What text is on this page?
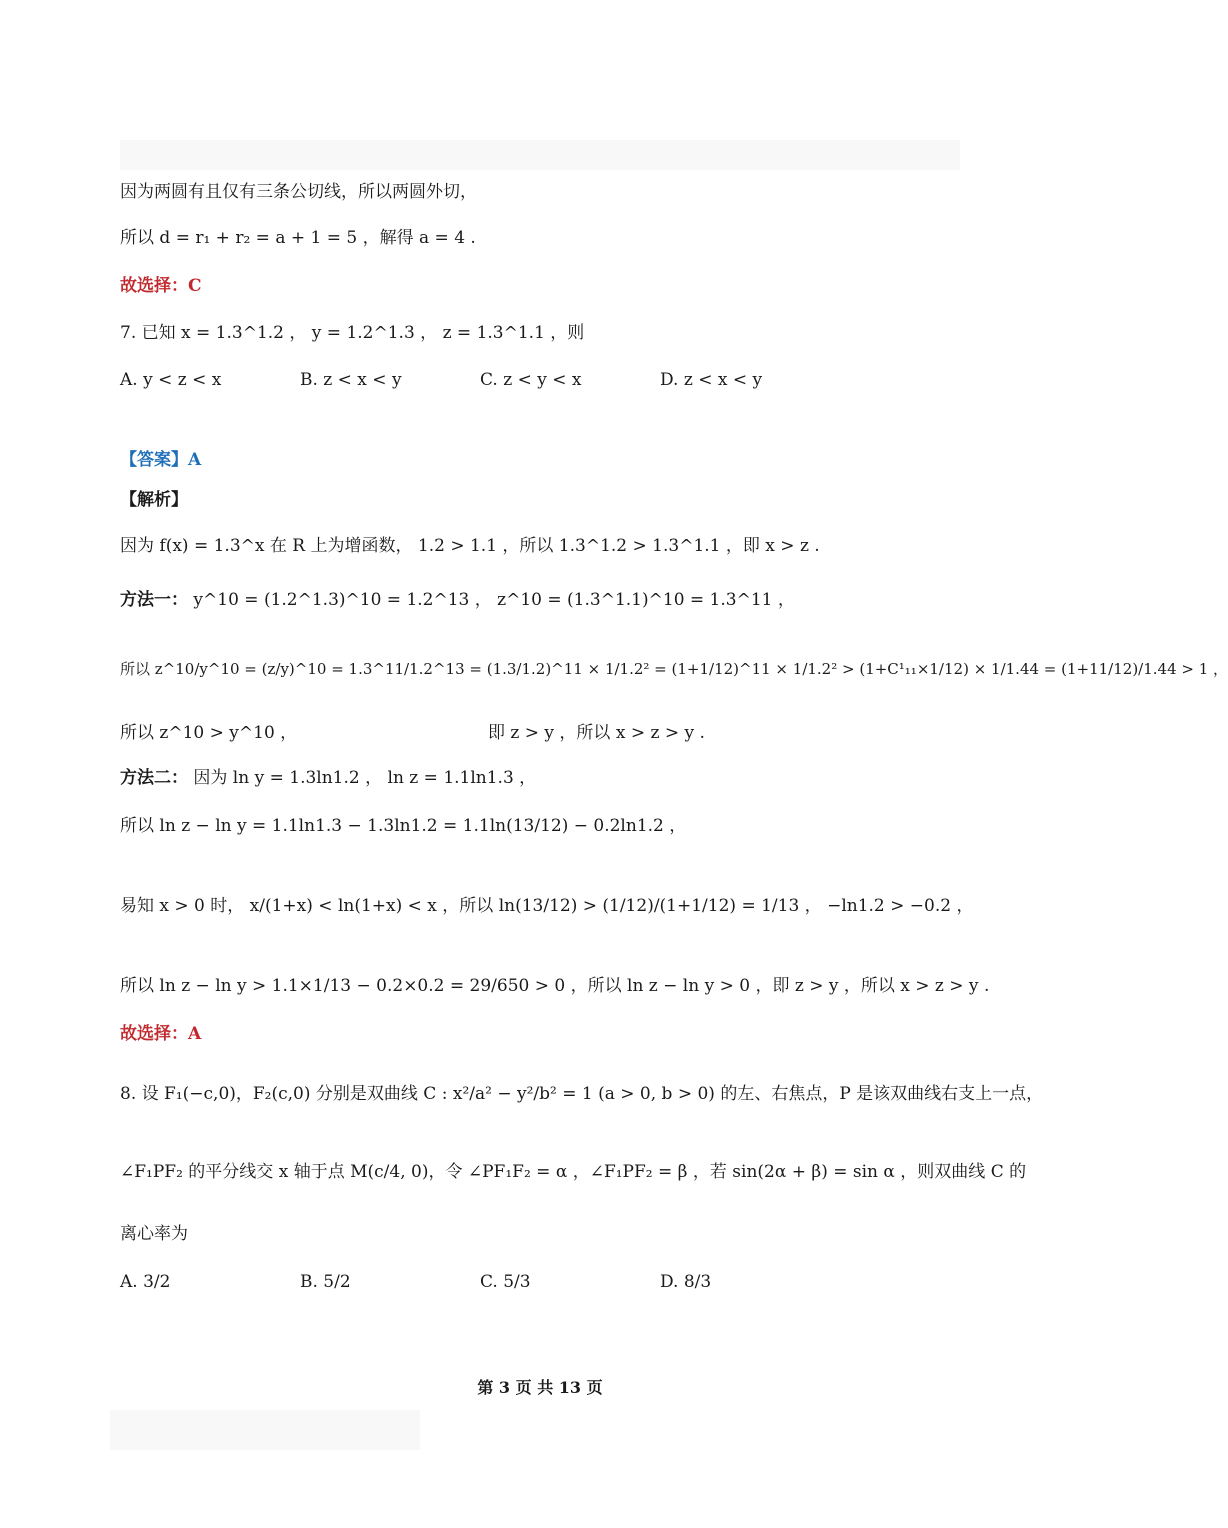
因为两圆有且仅有三条公切线，所以两圆外切，
所以 d = r₁ + r₂ = a + 1 = 5 ，解得 a = 4 .
故选择：C
7. 已知 x = 1.3^1.2 ， y = 1.2^1.3 ， z = 1.3^1.1 ，则
A. y < z < x	B. z < x < y	C. z < y < x	D. z < x < y
【答案】A
【解析】
因为 f(x) = 1.3^x 在 R 上为增函数， 1.2 > 1.1 ，所以 1.3^1.2 > 1.3^1.1 ，即 x > z .
方法一： y^10 = (1.2^1.3)^10 = 1.2^13 ， z^10 = (1.3^1.1)^10 = 1.3^11 ，
所以 z^10/y^10 = (z/y)^10 = 1.3^11/1.2^13 = (1.3/1.2)^11 × 1/1.2² = (1+1/12)^11 × 1/1.2² > (1+C¹₁₁×1/12) × 1/1.44 = (1+11/12)/1.44 > 1 ，
所以 z^10 > y^10 ，	即 z > y ，所以 x > z > y .
方法二： 因为 ln y = 1.3ln1.2 ， ln z = 1.1ln1.3 ，
所以 ln z − ln y = 1.1ln1.3 − 1.3ln1.2 = 1.1ln(13/12) − 0.2ln1.2 ，
易知 x > 0 时， x/(1+x) < ln(1+x) < x ，所以 ln(13/12) > (1/12)/(1+1/12) = 1/13 ， −ln1.2 > −0.2 ，
所以 ln z − ln y > 1.1×1/13 − 0.2×0.2 = 29/650 > 0 ，所以 ln z − ln y > 0 ，即 z > y ，所以 x > z > y .
故选择：A
8. 设 F₁(−c,0)，F₂(c,0) 分别是双曲线 C : x²/a² − y²/b² = 1 (a > 0, b > 0) 的左、右焦点，P 是该双曲线右支上一点，
∠F₁PF₂ 的平分线交 x 轴于点 M(c/4, 0)，令 ∠PF₁F₂ = α ，∠F₁PF₂ = β ，若 sin(2α + β) = sin α ，则双曲线 C 的
离心率为
A. 3/2	B. 5/2	C. 5/3	D. 8/3
第 3 页 共 13 页
